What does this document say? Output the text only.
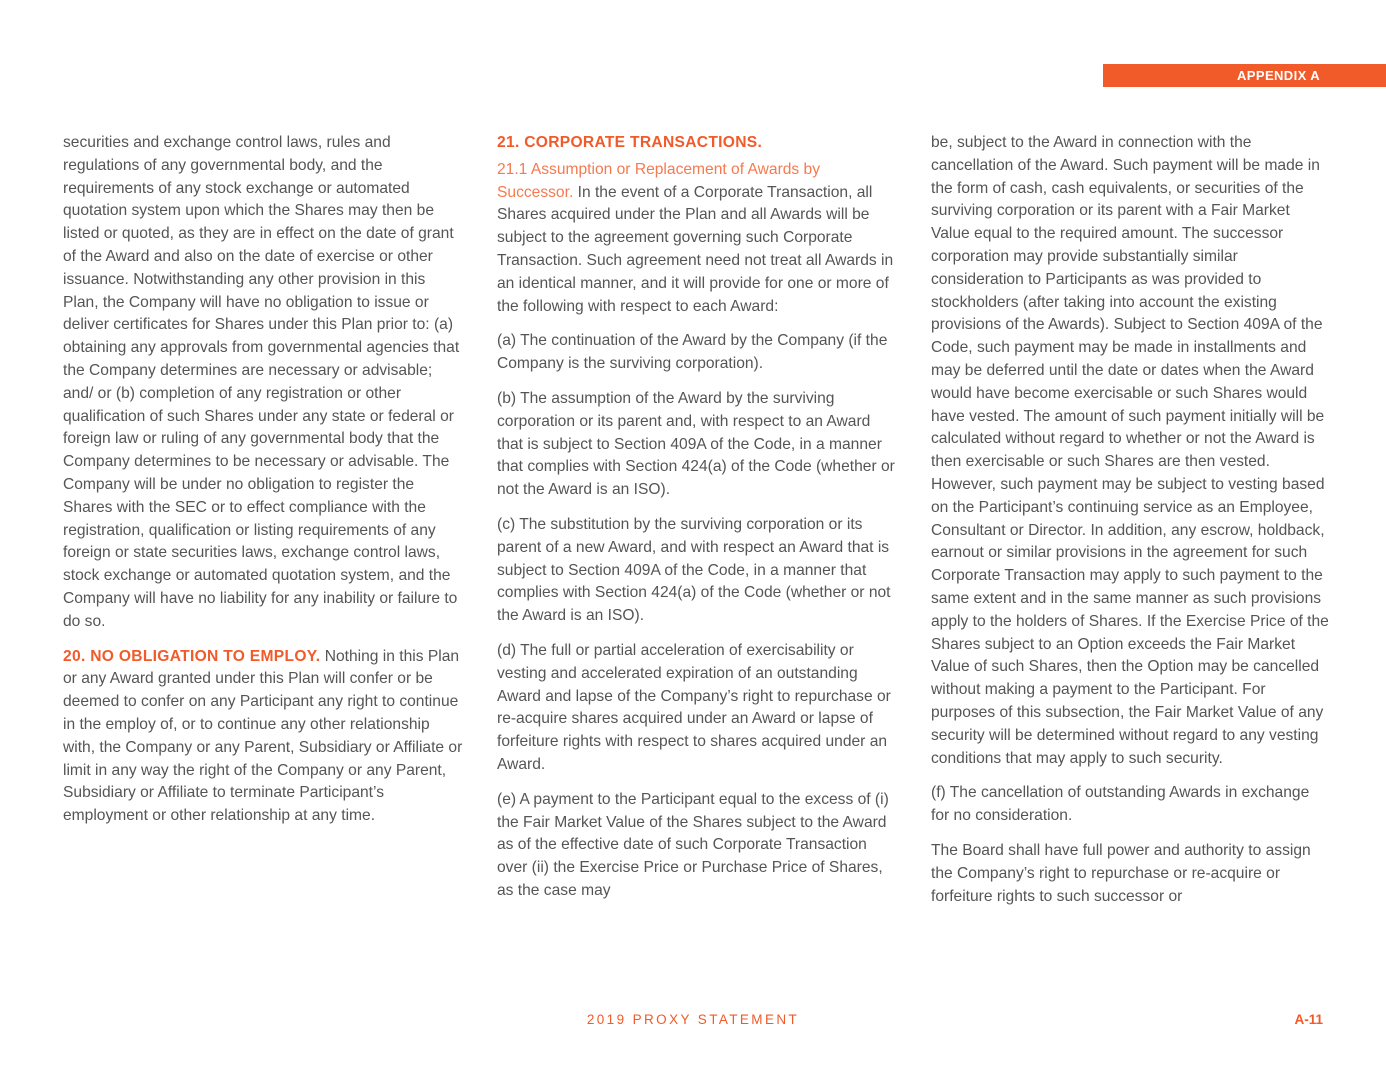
APPENDIX A

securities and exchange control laws, rules and regulations of any governmental body, and the requirements of any stock exchange or automated quotation system upon which the Shares may then be listed or quoted, as they are in effect on the date of grant of the Award and also on the date of exercise or other issuance. Notwithstanding any other provision in this Plan, the Company will have no obligation to issue or deliver certificates for Shares under this Plan prior to: (a) obtaining any approvals from governmental agencies that the Company determines are necessary or advisable; and/ or (b) completion of any registration or other qualification of such Shares under any state or federal or foreign law or ruling of any governmental body that the Company determines to be necessary or advisable. The Company will be under no obligation to register the Shares with the SEC or to effect compliance with the registration, qualification or listing requirements of any foreign or state securities laws, exchange control laws, stock exchange or automated quotation system, and the Company will have no liability for any inability or failure to do so.

20. NO OBLIGATION TO EMPLOY. Nothing in this Plan or any Award granted under this Plan will confer or be deemed to confer on any Participant any right to continue in the employ of, or to continue any other relationship with, the Company or any Parent, Subsidiary or Affiliate or limit in any way the right of the Company or any Parent, Subsidiary or Affiliate to terminate Participant’s employment or other relationship at any time.

21. CORPORATE TRANSACTIONS.

21.1 Assumption or Replacement of Awards by Successor. In the event of a Corporate Transaction, all Shares acquired under the Plan and all Awards will be subject to the agreement governing such Corporate Transaction. Such agreement need not treat all Awards in an identical manner, and it will provide for one or more of the following with respect to each Award:

(a) The continuation of the Award by the Company (if the Company is the surviving corporation).

(b) The assumption of the Award by the surviving corporation or its parent and, with respect to an Award that is subject to Section 409A of the Code, in a manner that complies with Section 424(a) of the Code (whether or not the Award is an ISO).

(c) The substitution by the surviving corporation or its parent of a new Award, and with respect an Award that is subject to Section 409A of the Code, in a manner that complies with Section 424(a) of the Code (whether or not the Award is an ISO).

(d) The full or partial acceleration of exercisability or vesting and accelerated expiration of an outstanding Award and lapse of the Company’s right to repurchase or re-acquire shares acquired under an Award or lapse of forfeiture rights with respect to shares acquired under an Award.

(e) A payment to the Participant equal to the excess of (i) the Fair Market Value of the Shares subject to the Award as of the effective date of such Corporate Transaction over (ii) the Exercise Price or Purchase Price of Shares, as the case may

be, subject to the Award in connection with the cancellation of the Award. Such payment will be made in the form of cash, cash equivalents, or securities of the surviving corporation or its parent with a Fair Market Value equal to the required amount. The successor corporation may provide substantially similar consideration to Participants as was provided to stockholders (after taking into account the existing provisions of the Awards). Subject to Section 409A of the Code, such payment may be made in installments and may be deferred until the date or dates when the Award would have become exercisable or such Shares would have vested. The amount of such payment initially will be calculated without regard to whether or not the Award is then exercisable or such Shares are then vested. However, such payment may be subject to vesting based on the Participant’s continuing service as an Employee, Consultant or Director. In addition, any escrow, holdback, earnout or similar provisions in the agreement for such Corporate Transaction may apply to such payment to the same extent and in the same manner as such provisions apply to the holders of Shares. If the Exercise Price of the Shares subject to an Option exceeds the Fair Market Value of such Shares, then the Option may be cancelled without making a payment to the Participant. For purposes of this subsection, the Fair Market Value of any security will be determined without regard to any vesting conditions that may apply to such security.

(f) The cancellation of outstanding Awards in exchange for no consideration.

The Board shall have full power and authority to assign the Company’s right to repurchase or re-acquire or forfeiture rights to such successor or

2019 PROXY STATEMENT	A-11
